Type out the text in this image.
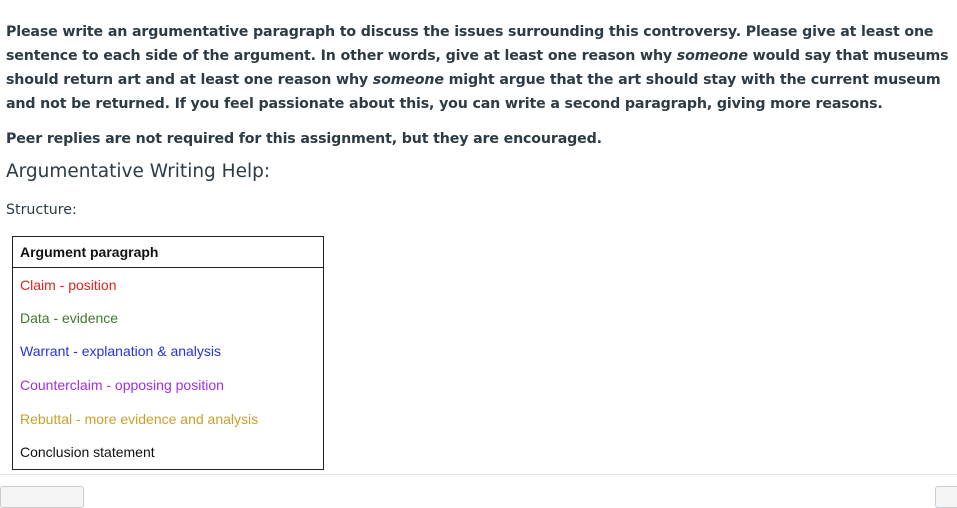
Please write an argumentative paragraph to discuss the issues surrounding this controversy. Please give at least one sentence to each side of the argument. In other words, give at least one reason why someone would say that museums should return art and at least one reason why someone might argue that the art should stay with the current museum and not be returned. If you feel passionate about this, you can write a second paragraph, giving more reasons.

Peer replies are not required for this assignment, but they are encouraged.

Argumentative Writing Help:

Structure:

Argument paragraph
Claim - position
Data - evidence
Warrant - explanation & analysis
Counterclaim - opposing position
Rebuttal - more evidence and analysis
Conclusion statement
